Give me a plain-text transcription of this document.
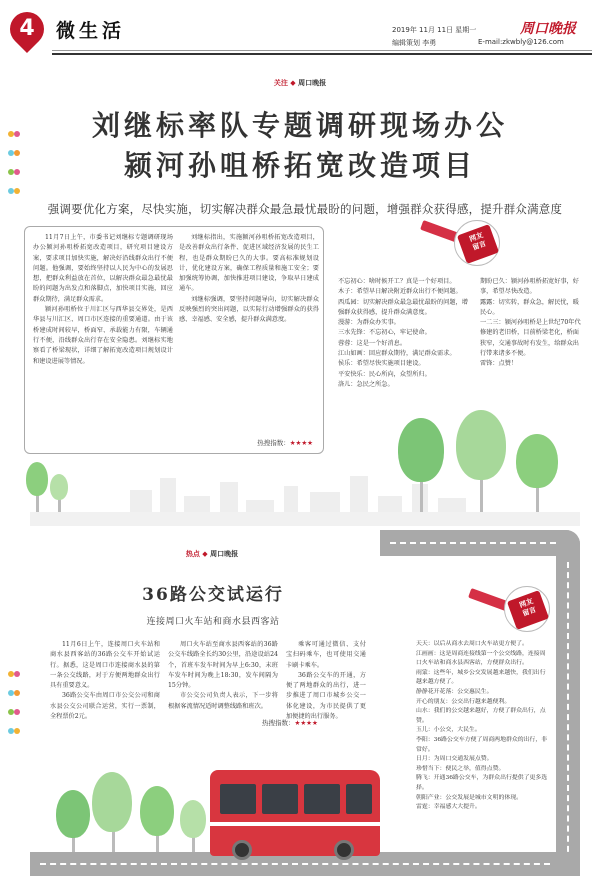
4	微生活	2019年 11月 11日 星期一	周口晚报
编辑策划 李勇	E-mail:zkwbly@126.com

关注 ◆ 周口晚报
刘继标率队专题调研现场办公
颍河孙咀桥拓宽改造项目
强调要优化方案，尽快实施，切实解决群众最急最忧最盼的问题，增强群众获得感，提升群众满意度

11月7日上午，市委书记刘继标专题调研现场办公颍河孙咀桥拓宽改造项目，研究项目建设方案，要求项目加快实施，解决好沿线群众出行不便问题。他强调，要始终坚持以人民为中心的发展思想，把群众利益放在首位，以解决群众最急最忧最盼的问题为出发点和落脚点，加快项目实施，回应群众期待，满足群众需求。

颍河孙咀桥位于川汇区与西华县交界处，是西华县与川汇区、周口市区连接的重要通道。由于该桥建成时间较早，桥面窄、承载能力有限，车辆通行不便，沿线群众出行存在安全隐患。刘继标实地察看了桥梁现状，详细了解拓宽改造项目规划设计和建设进展等情况。

刘继标指出，实施颍河孙咀桥拓宽改造项目，是改善群众出行条件、促进区域经济发展的民生工程，也是群众期盼已久的大事。要高标准规划设计，优化建设方案，确保工程质量和施工安全；要加强统筹协调，加快推进项目建设，争取早日建成通车。

刘继标强调，要坚持问题导向，切实解决群众反映强烈的突出问题，以实际行动增强群众的获得感、幸福感、安全感，提升群众满意度。

热搜指数：★★★★
网友
留言

不忘初心：啥时候开工？真是一个好项目。

木子：希望早日解决附近群众出行不便问题。

西瓜园：切实解决群众最急最忧最盼的问题，增强群众获得感，提升群众满意度。

漫游：为群众办实事。

三水先锋：不忘初心，牢记使命。

蓉蓉：这是一个好消息。

江山如画：回应群众期待，满足群众需求。

侯乐：希望尽快实施项目建设。

平安快乐：民心所向，众望所归。

洛儿：急民之所急。

期盼已久：颍河孙咀桥拓宽好事，好事，希望尽快改造。

露露：切实转，群众急，解民忧，暖民心。

一二三：颍河孙咀桥是上世纪70年代修建的老旧桥，目前桥梁老化，桥面狭窄，交通事故时有发生，给群众出行带来诸多不便。

雷锋：点赞！

热点 ◆ 周口晚报
36路公交试运行
连接周口火车站和商水县西客站

11月6日上午，连接周口火车站和商水县西客站的36路公交车开始试运行。据悉，这是周口市连接商水县的第一条公交线路，对于方便两地群众出行具有重要意义。

36路公交车由周口市公交公司和商水县公交公司联合运营，实行一票制，全程票价2元。

周口火车站至商水县西客站的36路公交车线路全长约30公里，沿途设站24个，首班车发车时间为早上6:30，末班车发车时间为晚上18:30，发车间隔为15分钟。

市公交公司负责人表示，下一步将根据客流情况适时调整线路和班次。

乘客可通过微信、支付宝扫码乘车，也可使用交通卡刷卡乘车。

36路公交车的开通，方便了两地群众的出行，进一步推进了周口市城乡公交一体化建设，为市民提供了更加便捷的出行服务。

热搜指数：★★★★
网友
留言

天天：以后从商水去周口火车站更方便了。

江画画：这是周商连接线第一个公交线路，连接周口火车站和商水县西客站，方便群众出行。

雨蒙：这些年，城乡公交发展越来越快，我们出行越来越方便了。

静静花开花落：公交惠民生。

开心的朋友：公交出行越来越便利。

山水：我们的公交越来越好，方便了群众出行，点赞。

玉儿：小公交，大民生。

李阳：36路公交车方便了周商两地群众的出行，非常好。

日月：为周口交通发展点赞。

珍惜当下：便民之举，值得点赞。

腾飞：开通36路公交车，为群众出行提供了更多选择。

朝阳产业：公交发展是城市文明的体现。

雷霆：幸福感大大提升。
